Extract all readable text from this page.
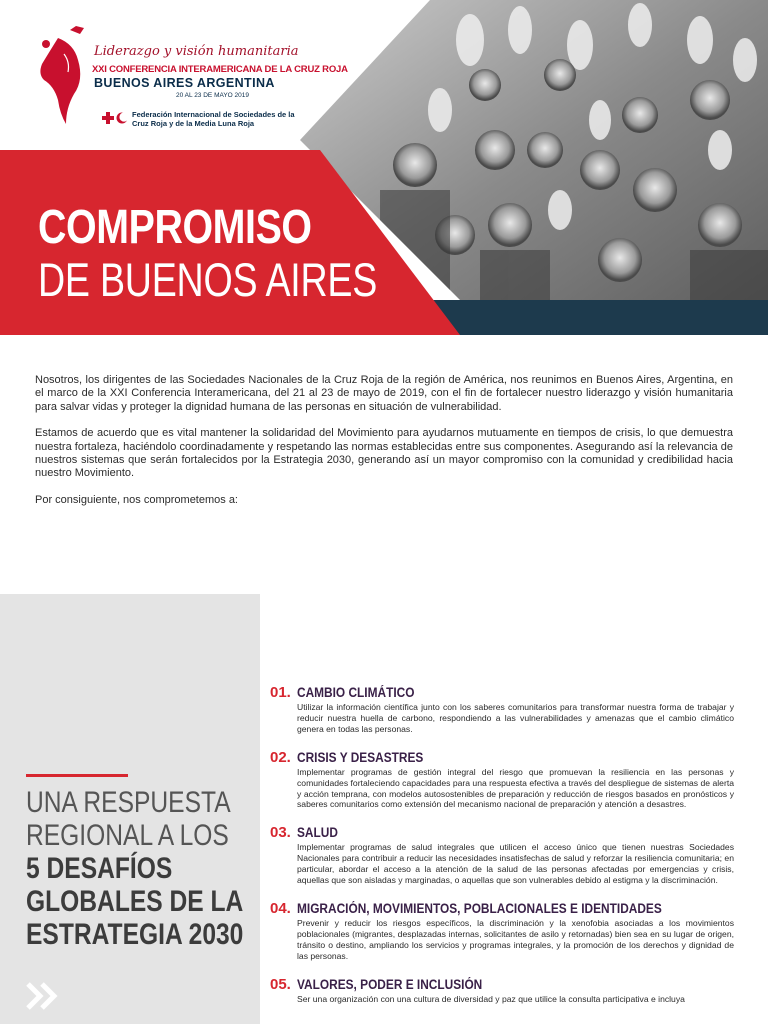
Liderazgo y visión humanitaria
XXI CONFERENCIA INTERAMERICANA DE LA CRUZ ROJA
BUENOS AIRES ARGENTINA
20 AL 23 DE MAYO 2019
Federación Internacional de Sociedades de la Cruz Roja y de la Media Luna Roja
COMPROMISO
DE BUENOS AIRES

Nosotros, los dirigentes de las Sociedades Nacionales de la Cruz Roja de la región de América, nos reunimos en Buenos Aires, Argentina, en el marco de la XXI Conferencia Interamericana, del 21 al 23 de mayo de 2019, con el fin de fortalecer nuestro liderazgo y visión humanitaria para salvar vidas y proteger la dignidad humana de las personas en situación de vulnerabilidad.

Estamos de acuerdo que es vital mantener la solidaridad del Movimiento para ayudarnos mutuamente en tiempos de crisis, lo que demuestra nuestra fortaleza, haciéndolo coordinadamente y respetando las normas establecidas entre sus componentes. Asegurando así la relevancia de nuestros sistemas que serán fortalecidos por la Estrategia 2030, generando así un mayor compromiso con la comunidad y credibilidad hacia nuestro Movimiento.

Por consiguiente, nos comprometemos a:

UNA RESPUESTA
REGIONAL A LOS
5 DESAFÍOS
GLOBALES DE LA
ESTRATEGIA 2030
01. CAMBIO CLIMÁTICO
Utilizar la información científica junto con los saberes comunitarios para transformar nuestra forma de trabajar y reducir nuestra huella de carbono, respondiendo a las vulnerabilidades y amenazas que el cambio climático genera en todas las personas.
02. CRISIS Y DESASTRES
Implementar programas de gestión integral del riesgo que promuevan la resiliencia en las personas y comunidades fortaleciendo capacidades para una respuesta efectiva a través del despliegue de sistemas de alerta y acción temprana, con modelos autosostenibles de preparación y reducción de riesgos basados en pronósticos y saberes comunitarios como extensión del mecanismo nacional de preparación y atención a desastres.
03. SALUD
Implementar programas de salud integrales que utilicen el acceso único que tienen nuestras Sociedades Nacionales para contribuir a reducir las necesidades insatisfechas de salud y reforzar la resiliencia comunitaria; en particular, abordar el acceso a la atención de la salud de las personas afectadas por emergencias y crisis, aquellas que son aisladas y marginadas, o aquellas que son vulnerables debido al estigma y la discriminación.
04. MIGRACIÓN, MOVIMIENTOS, POBLACIONALES E IDENTIDADES
Prevenir y reducir los riesgos específicos, la discriminación y la xenofobia asociadas a los movimientos poblacionales (migrantes, desplazadas internas, solicitantes de asilo y retornadas) bien sea en su lugar de origen, tránsito o destino, ampliando los servicios y programas integrales, y la promoción de los derechos y dignidad de las personas.
05. VALORES, PODER E INCLUSIÓN
Ser una organización con una cultura de diversidad y paz que utilice la consulta participativa e incluya
